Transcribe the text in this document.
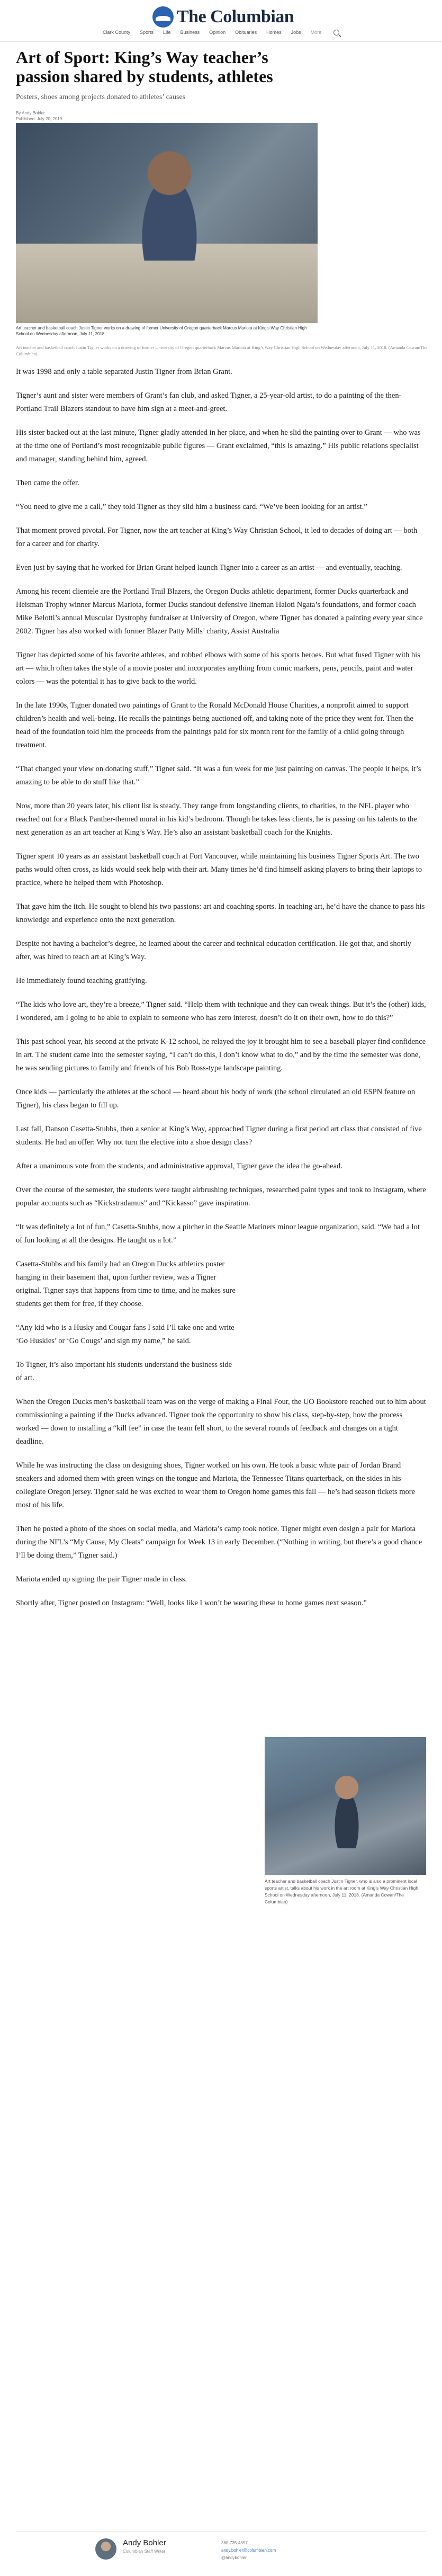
The Columbian
Clark County Sports Life Business Opinion Obituaries Homes Jobs More
Art of Sport: King’s Way teacher’s passion shared by students, athletes
Posters, shoes among projects donated to athletes’ causes
By Andy Bohler
Published: July 20, 2019
Art teacher and basketball coach Justin Tigner works on a drawing of former University of Oregon quarterback Marcus Mariota at King’s Way Christian High School on Wednesday afternoon, July 11, 2018.
Art teacher and basketball coach Justin Tigner works on a drawing of former University of Oregon quarterback Marcus Mariota at King’s Way Christian High School on Wednesday afternoon, July 11, 2018. (Amanda Cowan/The Columbian)

It was 1998 and only a table separated Justin Tigner from Brian Grant.

Tigner’s aunt and sister were members of Grant’s fan club, and asked Tigner, a 25-year-old artist, to do a painting of the then-Portland Trail Blazers standout to have him sign at a meet-and-greet.

His sister backed out at the last minute, Tigner gladly attended in her place, and when he slid the painting over to Grant — who was at the time one of Portland’s most recognizable public figures — Grant exclaimed, “this is amazing.” His public relations specialist and manager, standing behind him, agreed.

Then came the offer.

“You need to give me a call,” they told Tigner as they slid him a business card. “We’ve been looking for an artist.”

That moment proved pivotal. For Tigner, now the art teacher at King’s Way Christian School, it led to decades of doing art — both for a career and for charity.

Even just by saying that he worked for Brian Grant helped launch Tigner into a career as an artist — and eventually, teaching.

Among his recent clientele are the Portland Trail Blazers, the Oregon Ducks athletic department, former Ducks quarterback and Heisman Trophy winner Marcus Mariota, former Ducks standout defensive lineman Haloti Ngata’s foundations, and former coach Mike Belotti’s annual Muscular Dystrophy fundraiser at University of Oregon, where Tigner has donated a painting every year since 2002. Tigner has also worked with former Blazer Patty Mills’ charity, Assist Australia

Tigner has depicted some of his favorite athletes, and robbed elbows with some of his sports heroes. But what fused Tigner with his art — which often takes the style of a movie poster and incorporates anything from comic markers, pens, pencils, paint and water colors — was the potential it has to give back to the world.

In the late 1990s, Tigner donated two paintings of Grant to the Ronald McDonald House Charities, a nonprofit aimed to support children’s health and well-being. He recalls the paintings being auctioned off, and taking note of the price they went for. Then the head of the foundation told him the proceeds from the paintings paid for six month rent for the family of a child going through treatment.

“That changed your view on donating stuff,” Tigner said. “It was a fun week for me just painting on canvas. The people it helps, it’s amazing to be able to do stuff like that.”

Now, more than 20 years later, his client list is steady. They range from longstanding clients, to charities, to the NFL player who reached out for a Black Panther-themed mural in his kid’s bedroom. Though he takes less clients, he is passing on his talents to the next generation as an art teacher at King’s Way. He’s also an assistant basketball coach for the Knights.

Tigner spent 10 years as an assistant basketball coach at Fort Vancouver, while maintaining his business Tigner Sports Art. The two paths would often cross, as kids would seek help with their art. Many times he’d find himself asking players to bring their laptops to practice, where he helped them with Photoshop.

That gave him the itch. He sought to blend his two passions: art and coaching sports. In teaching art, he’d have the chance to pass his knowledge and experience onto the next generation.

Despite not having a bachelor’s degree, he learned about the career and technical education certification. He got that, and shortly after, was hired to teach art at King’s Way.

He immediately found teaching gratifying.

“The kids who love art, they’re a breeze,” Tigner said. “Help them with technique and they can tweak things. But it’s the (other) kids, I wondered, am I going to be able to explain to someone who has zero interest, doesn’t do it on their own, how to do this?”

This past school year, his second at the private K-12 school, he relayed the joy it brought him to see a baseball player find confidence in art. The student came into the semester saying, “I can’t do this, I don’t know what to do,” and by the time the semester was done, he was sending pictures to family and friends of his Bob Ross-type landscape painting.

Once kids — particularly the athletes at the school — heard about his body of work (the school circulated an old ESPN feature on Tigner), his class began to fill up.

Last fall, Danson Casetta-Stubbs, then a senior at King’s Way, approached Tigner during a first period art class that consisted of five students. He had an offer: Why not turn the elective into a shoe design class?

After a unanimous vote from the students, and administrative approval, Tigner gave the idea the go-ahead.

Over the course of the semester, the students were taught airbrushing techniques, researched paint types and took to Instagram, where popular accounts such as “Kickstradamus” and “Kickasso” gave inspiration.

“It was definitely a lot of fun,” Casetta-Stubbs, now a pitcher in the Seattle Mariners minor league organization, said. “We had a lot of fun looking at all the designs. He taught us a lot.”

Casetta-Stubbs and his family had an Oregon Ducks athletics poster hanging in their basement that, upon further review, was a Tigner original. Tigner says that happens from time to time, and he makes sure students get them for free, if they choose.

“Any kid who is a Husky and Cougar fans I said I’ll take one and write ‘Go Huskies’ or ‘Go Cougs’ and sign my name,” he said.

To Tigner, it’s also important his students understand the business side of art.

When the Oregon Ducks men’s basketball team was on the verge of making a Final Four, the UO Bookstore reached out to him about commissioning a painting if the Ducks advanced. Tigner took the opportunity to show his class, step-by-step, how the process worked — down to installing a “kill fee” in case the team fell short, to the several rounds of feedback and changes on a tight deadline.

While he was instructing the class on designing shoes, Tigner worked on his own. He took a basic white pair of Jordan Brand sneakers and adorned them with green wings on the tongue and Mariota, the Tennessee Titans quarterback, on the sides in his collegiate Oregon jersey. Tigner said he was excited to wear them to Oregon home games this fall — he’s had season tickets more most of his life.

Then he posted a photo of the shoes on social media, and Mariota’s camp took notice. Tigner might even design a pair for Mariota during the NFL’s “My Cause, My Cleats” campaign for Week 13 in early December. (“Nothing in writing, but there’s a good chance I’ll be doing them,” Tigner said.)

Mariota ended up signing the pair Tigner made in class.

Shortly after, Tigner posted on Instagram: “Well, looks like I won’t be wearing these to home games next season.”

Art teacher and basketball coach Justin Tigner, who is also a prominent local sports artist, talks about his work in the art room at King’s Way Christian High School on Wednesday afternoon, July 11, 2018. (Amanda Cowan/The Columbian)
Andy Bohler
Columbian Staff Writer
360-735-4557
andy.bohler@columbian.com
@andybohler
